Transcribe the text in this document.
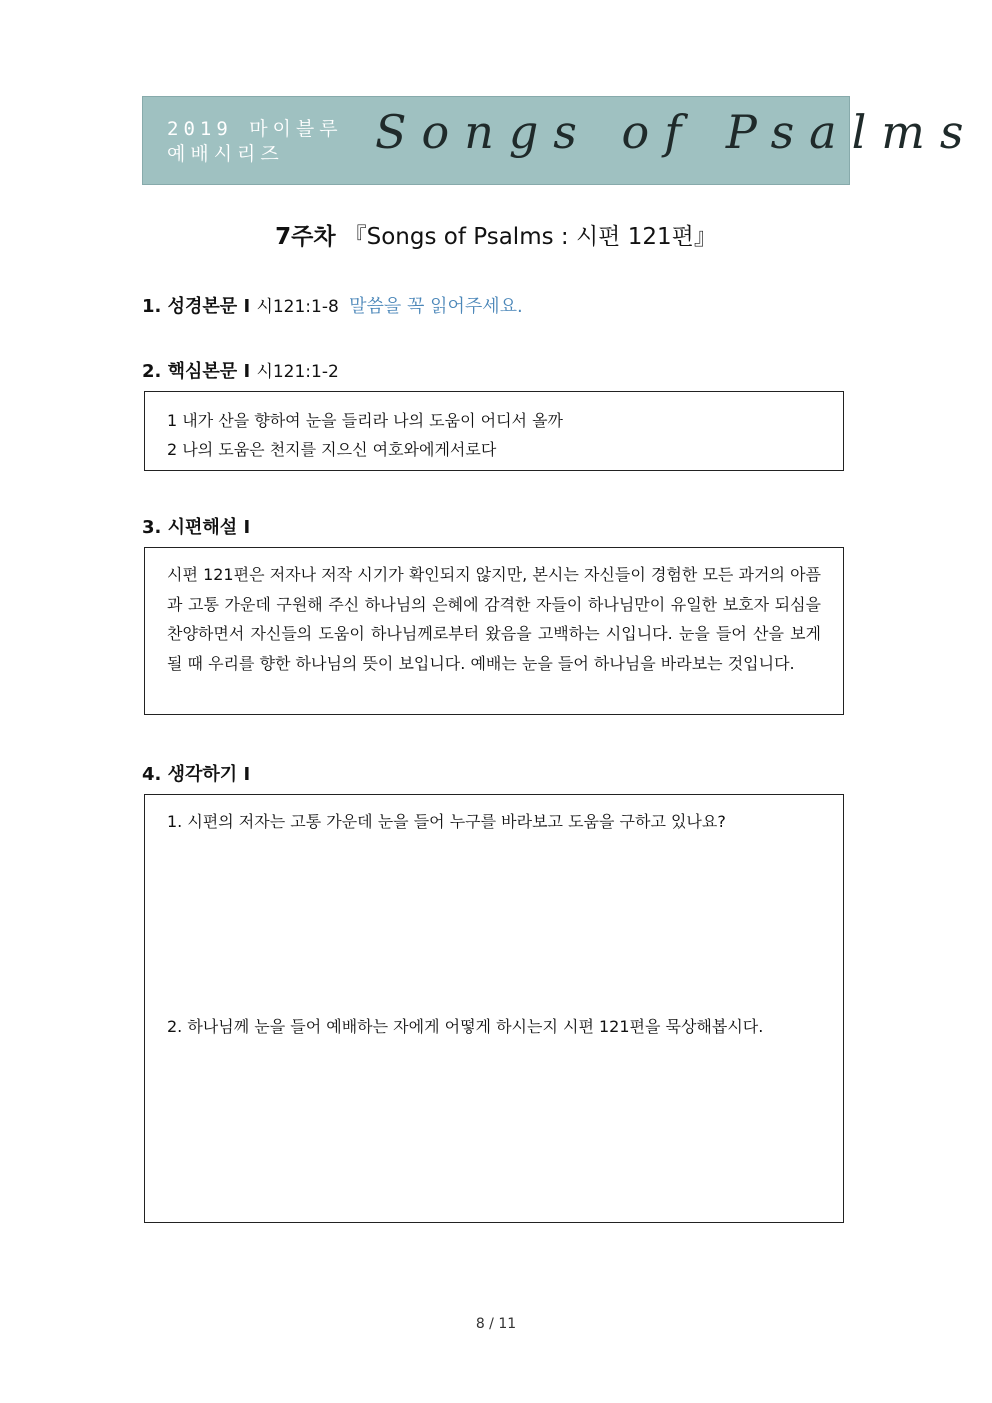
2019 마이블루
예배시리즈	Songs of Psalms
7주차 『Songs of Psalms : 시편 121편』
1. 성경본문 I 시121:1-8 말씀을 꼭 읽어주세요.
2. 핵심본문 I 시121:1-2
1 내가 산을 향하여 눈을 들리라 나의 도움이 어디서 올까
2 나의 도움은 천지를 지으신 여호와에게서로다
3. 시편해설 I
시편 121편은 저자나 저작 시기가 확인되지 않지만, 본시는 자신들이 경험한 모든 과거의 아픔과 고통 가운데 구원해 주신 하나님의 은혜에 감격한 자들이 하나님만이 유일한 보호자 되심을 찬양하면서 자신들의 도움이 하나님께로부터 왔음을 고백하는 시입니다. 눈을 들어 산을 보게 될 때 우리를 향한 하나님의 뜻이 보입니다. 예배는 눈을 들어 하나님을 바라보는 것입니다.
4. 생각하기 I
1. 시편의 저자는 고통 가운데 눈을 들어 누구를 바라보고 도움을 구하고 있나요?
2. 하나님께 눈을 들어 예배하는 자에게 어떻게 하시는지 시편 121편을 묵상해봅시다.
8 / 11
